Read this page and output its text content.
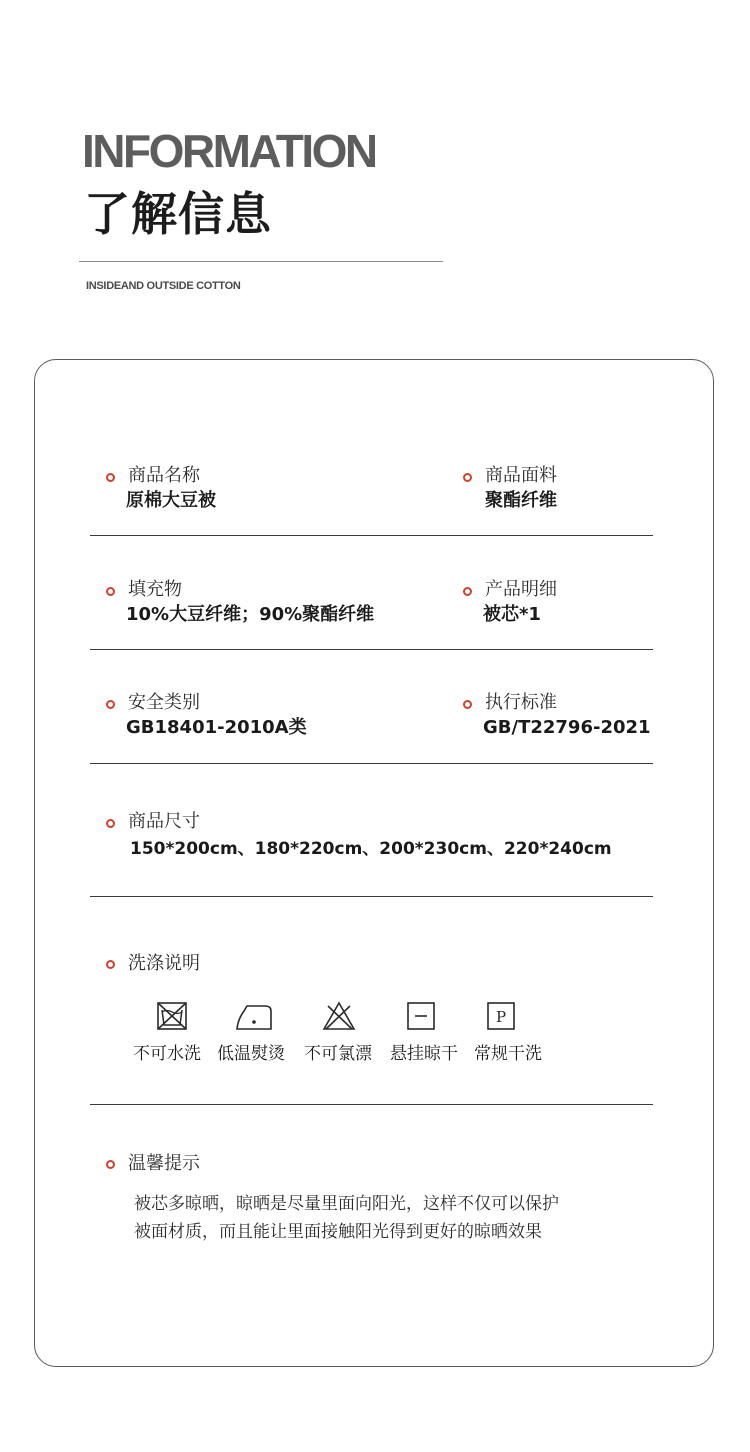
INFORMATION
了解信息
INSIDEAND OUTSIDE COTTON
商品名称
原棉大豆被
商品面料
聚酯纤维
填充物
10%大豆纤维；90%聚酯纤维
产品明细
被芯*1
安全类别
GB18401-2010A类
执行标准
GB/T22796-2021
商品尺寸
150*200cm、180*220cm、200*230cm、220*240cm
洗涤说明
P
不可水洗 低温熨烫 不可氯漂 悬挂晾干 常规干洗
温馨提示
被芯多晾晒，晾晒是尽量里面向阳光，这样不仅可以保护
被面材质，而且能让里面接触阳光得到更好的晾晒效果
